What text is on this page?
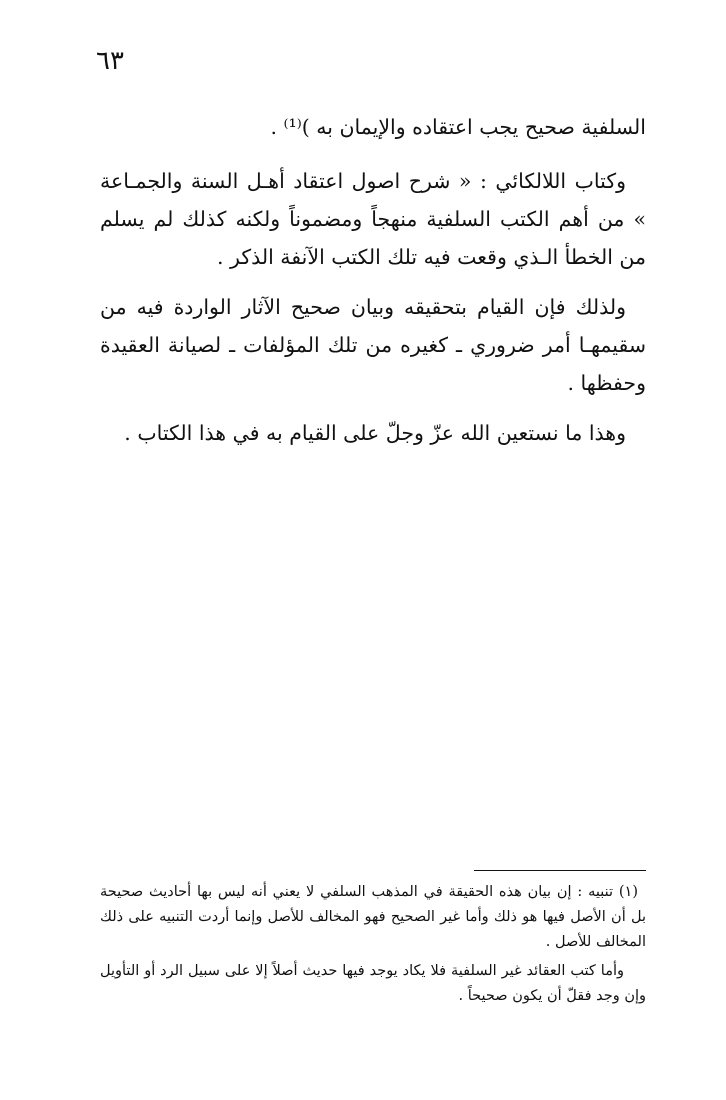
٦٣

السلفية صحيح يجب اعتقاده والإيمان به )⁽¹⁾ .

وكتاب اللالكائي : « شرح اصول اعتقاد أهـل السنة والجمـاعة » من أهم الكتب السلفية منهجاً ومضموناً ولكنه كذلك لم يسلم من الخطأ الـذي وقعت فيه تلك الكتب الآنفة الذكر .

ولذلك فإن القيام بتحقيقه وبيان صحيح الآثار الواردة فيه من سقيمهـا أمر ضروري ـ كغيره من تلك المؤلفات ـ لصيانة العقيدة وحفظها .

وهذا ما نستعين الله عزّ وجلّ على القيام به في هذا الكتاب .

(١) تنبيه : إن بيان هذه الحقيقة في المذهب السلفي لا يعني أنه ليس بها أحاديث صحيحة بل أن الأصل فيها هو ذلك وأما غير الصحيح فهو المخالف للأصل وإنما أردت التنبيه على ذلك المخالف للأصل .

وأما كتب العقائد غير السلفية فلا يكاد يوجد فيها حديث أصلاً إلا على سبيل الرد أو التأويل وإن وجد فقلّ أن يكون صحيحاً .
